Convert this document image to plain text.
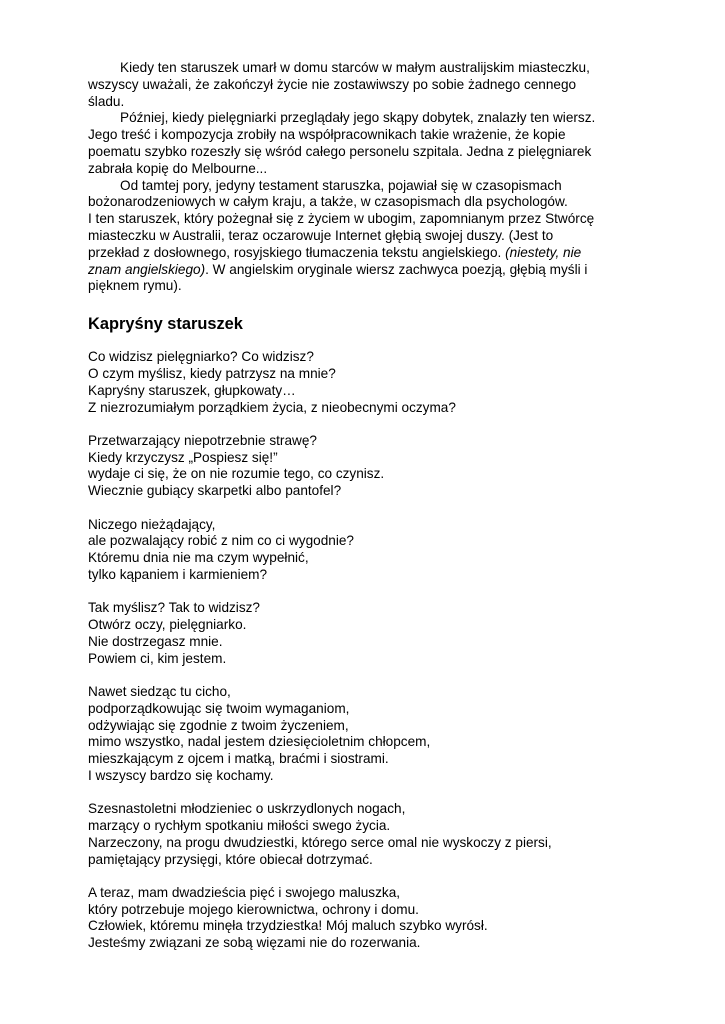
Kiedy ten staruszek umarł w domu starców w małym australijskim miasteczku,
wszyscy uważali, że zakończył życie nie zostawiwszy po sobie żadnego cennego
śladu.
Później, kiedy pielęgniarki przeglądały jego skąpy dobytek, znalazły ten wiersz.
Jego treść i kompozycja zrobiły na współpracownikach takie wrażenie, że kopie
poematu szybko rozeszły się wśród całego personelu szpitala. Jedna z pielęgniarek
zabrała kopię do Melbourne...
Od tamtej pory, jedyny testament staruszka, pojawiał się w czasopismach
bożonarodzeniowych w całym kraju, a także, w czasopismach dla psychologów.
I ten staruszek, który pożegnał się z życiem w ubogim, zapomnianym przez Stwórcę
miasteczku w Australii, teraz oczarowuje Internet głębią swojej duszy. (Jest to
przekład z dosłownego, rosyjskiego tłumaczenia tekstu angielskiego. (niestety, nie
znam angielskiego). W angielskim oryginale wiersz zachwyca poezją, głębią myśli i
pięknem rymu).
Kapryśny staruszek
Co widzisz pielęgniarko? Co widzisz?
O czym myślisz, kiedy patrzysz na mnie?
Kapryśny staruszek, głupkowaty…
Z niezrozumiałym porządkiem życia, z nieobecnymi oczyma?
Przetwarzający niepotrzebnie strawę?
Kiedy krzyczysz „Pospiesz się!”
wydaje ci się, że on nie rozumie tego, co czynisz.
Wiecznie gubiący skarpetki albo pantofel?
Niczego nieżądający,
ale pozwalający robić z nim co ci wygodnie?
Któremu dnia nie ma czym wypełnić,
tylko kąpaniem i karmieniem?
Tak myślisz? Tak to widzisz?
Otwórz oczy, pielęgniarko.
Nie dostrzegasz mnie.
Powiem ci, kim jestem.
Nawet siedząc tu cicho,
podporządkowując się twoim wymaganiom,
odżywiając się zgodnie z twoim życzeniem,
mimo wszystko, nadal jestem dziesięcioletnim chłopcem,
mieszkającym z ojcem i matką, braćmi i siostrami.
I wszyscy bardzo się kochamy.
Szesnastoletni młodzieniec o uskrzydlonych nogach,
marzący o rychłym spotkaniu miłości swego życia.
Narzeczony, na progu dwudziestki, którego serce omal nie wyskoczy z piersi,
pamiętający przysięgi, które obiecał dotrzymać.
A teraz, mam dwadzieścia pięć i swojego maluszka,
który potrzebuje mojego kierownictwa, ochrony i domu.
Człowiek, któremu minęła trzydziestka! Mój maluch szybko wyrósł.
Jesteśmy związani ze sobą więzami nie do rozerwania.
